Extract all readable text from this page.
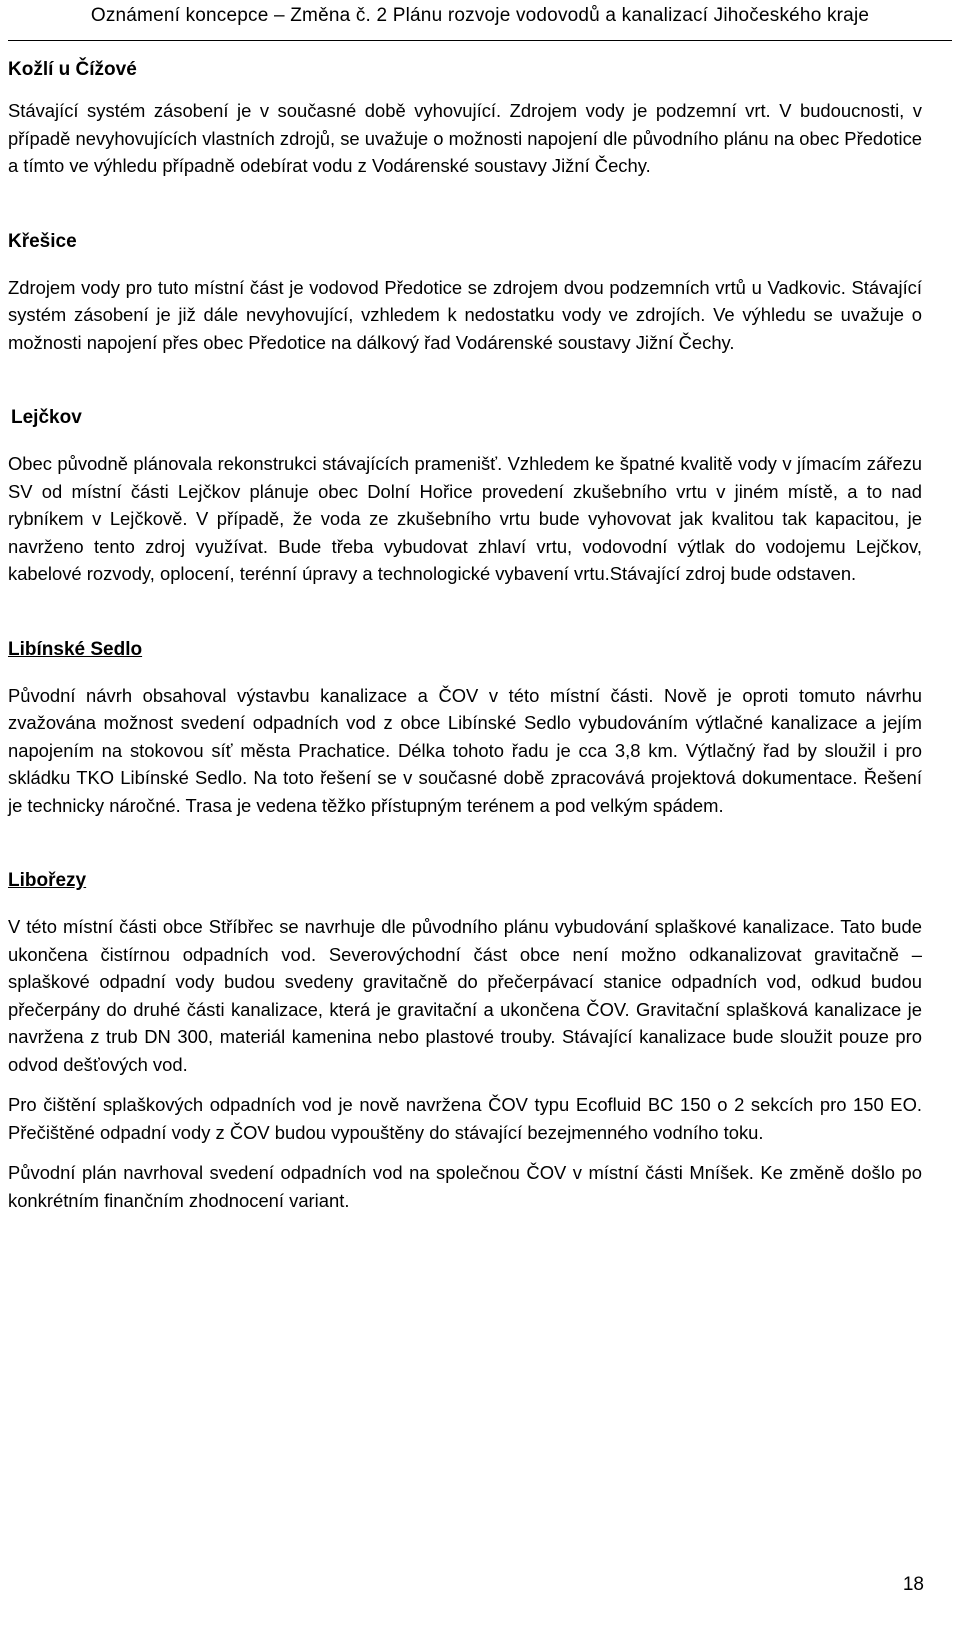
Oznámení koncepce – Změna č. 2 Plánu rozvoje vodovodů a kanalizací Jihočeského kraje
Kožlí u Čížové

Stávající systém zásobení je v současné době vyhovující. Zdrojem vody je podzemní vrt. V budoucnosti, v případě nevyhovujících vlastních zdrojů, se uvažuje o možnosti napojení dle původního plánu na obec Předotice a tímto ve výhledu případně odebírat vodu z Vodárenské soustavy Jižní Čechy.

Křešice

Zdrojem vody pro tuto místní část je vodovod Předotice se zdrojem dvou podzemních vrtů u Vadkovic. Stávající systém zásobení je již dále nevyhovující, vzhledem k nedostatku vody ve zdrojích. Ve výhledu se uvažuje o možnosti napojení přes obec Předotice na dálkový řad Vodárenské soustavy Jižní Čechy.

Lejčkov

Obec původně plánovala rekonstrukci stávajících pramenišť. Vzhledem ke špatné kvalitě vody v jímacím zářezu SV od místní části Lejčkov plánuje obec Dolní Hořice provedení zkušebního vrtu v jiném místě, a to nad rybníkem v Lejčkově. V případě, že voda ze zkušebního vrtu bude vyhovovat jak kvalitou tak kapacitou, je navrženo tento zdroj využívat. Bude třeba vybudovat zhlaví vrtu, vodovodní výtlak do vodojemu Lejčkov, kabelové rozvody, oplocení, terénní úpravy a technologické vybavení vrtu.Stávající zdroj bude odstaven.

Libínské Sedlo

Původní návrh obsahoval výstavbu kanalizace a ČOV v této místní části. Nově je oproti tomuto návrhu zvažována možnost svedení odpadních vod z obce Libínské Sedlo vybudováním výtlačné kanalizace a jejím napojením na stokovou síť města Prachatice. Délka tohoto řadu je cca 3,8 km. Výtlačný řad by sloužil i pro skládku TKO Libínské Sedlo. Na toto řešení se v současné době zpracovává projektová dokumentace. Řešení je technicky náročné. Trasa je vedena těžko přístupným terénem a pod velkým spádem.

Libořezy

V této místní části obce Stříbřec se navrhuje dle původního plánu vybudování splaškové kanalizace. Tato bude ukončena čistírnou odpadních vod. Severovýchodní část obce není možno odkanalizovat gravitačně – splaškové odpadní vody budou svedeny gravitačně do přečerpávací stanice odpadních vod, odkud budou přečerpány do druhé části kanalizace, která je gravitační a ukončena ČOV. Gravitační splašková kanalizace je navržena z trub DN 300, materiál kamenina nebo plastové trouby. Stávající kanalizace bude sloužit pouze pro odvod dešťových vod.

Pro čištění splaškových odpadních vod je nově navržena ČOV typu Ecofluid BC 150 o 2 sekcích pro 150 EO. Přečištěné odpadní vody z ČOV budou vypouštěny do stávající bezejmenného vodního toku.

Původní plán navrhoval svedení odpadních vod na společnou ČOV v místní části Mníšek. Ke změně došlo po konkrétním finančním zhodnocení variant.

18
